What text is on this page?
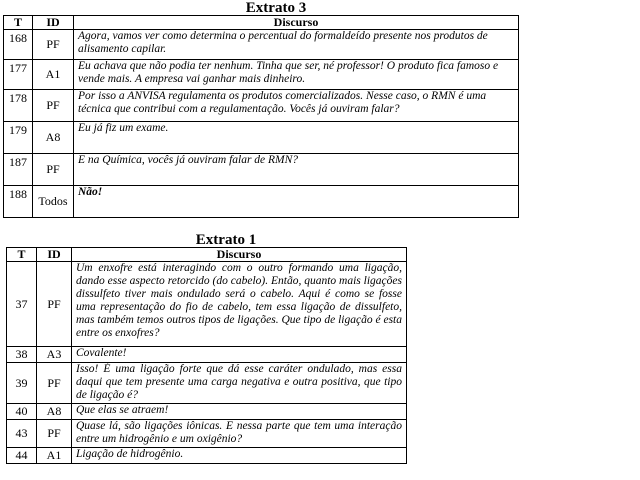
Extrato 3
T	ID	Discurso
168	PF	Agora, vamos ver como determina o percentual do formaldeído presente nos produtos de alisamento capilar.
177	A1	Eu achava que não podia ter nenhum. Tinha que ser, né professor! O produto fica famoso e vende mais. A empresa vai ganhar mais dinheiro.
178	PF	Por isso a ANVISA regulamenta os produtos comercializados. Nesse caso, o RMN é uma técnica que contribui com a regulamentação. Vocês já ouviram falar?
179	A8	Eu já fiz um exame.
187	PF	E na Química, vocês já ouviram falar de RMN?
188	Todos	Não!
Extrato 1
T	ID	Discurso
37	PF	Um enxofre está interagindo com o outro formando uma ligação, dando esse aspecto retorcido (do cabelo). Então, quanto mais ligações dissulfeto tiver mais ondulado será o cabelo. Aqui é como se fosse uma representação do fio de cabelo, tem essa ligação de dissulfeto, mas também temos outros tipos de ligações. Que tipo de ligação é esta entre os enxofres?
38	A3	Covalente!
39	PF	Isso! É uma ligação forte que dá esse caráter ondulado, mas essa daqui que tem presente uma carga negativa e outra positiva, que tipo de ligação é?
40	A8	Que elas se atraem!
43	PF	Quase lá, são ligações iônicas. E nessa parte que tem uma interação entre um hidrogênio e um oxigênio?
44	A1	Ligação de hidrogênio.
